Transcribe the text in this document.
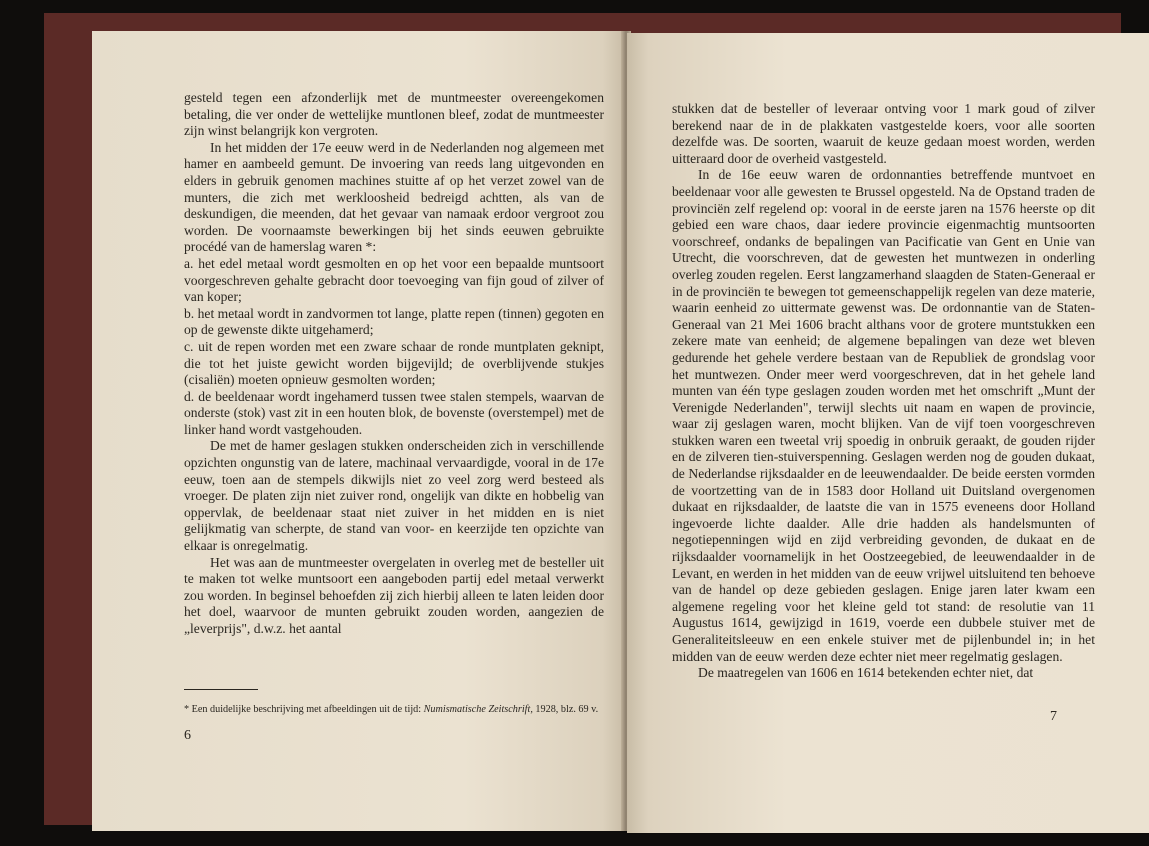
gesteld tegen een afzonderlijk met de muntmeester overeengekomen betaling, die ver onder de wettelijke muntlonen bleef, zodat de muntmeester zijn winst belangrijk kon vergroten.

In het midden der 17e eeuw werd in de Nederlanden nog algemeen met hamer en aambeeld gemunt. De invoering van reeds lang uitgevonden en elders in gebruik genomen machines stuitte af op het verzet zowel van de munters, die zich met werkloosheid bedreigd achtten, als van de deskundigen, die meenden, dat het gevaar van namaak erdoor vergroot zou worden. De voornaamste bewerkingen bij het sinds eeuwen gebruikte procédé van de hamerslag waren *:

a. het edel metaal wordt gesmolten en op het voor een bepaalde muntsoort voorgeschreven gehalte gebracht door toevoeging van fijn goud of zilver of van koper;

b. het metaal wordt in zandvormen tot lange, platte repen (tinnen) gegoten en op de gewenste dikte uitgehamerd;

c. uit de repen worden met een zware schaar de ronde muntplaten geknipt, die tot het juiste gewicht worden bijgevijld; de overblijvende stukjes (cisaliën) moeten opnieuw gesmolten worden;

d. de beeldenaar wordt ingehamerd tussen twee stalen stempels, waarvan de onderste (stok) vast zit in een houten blok, de bovenste (overstempel) met de linker hand wordt vastgehouden.

De met de hamer geslagen stukken onderscheiden zich in verschillende opzichten ongunstig van de latere, machinaal vervaardigde, vooral in de 17e eeuw, toen aan de stempels dikwijls niet zo veel zorg werd besteed als vroeger. De platen zijn niet zuiver rond, ongelijk van dikte en hobbelig van oppervlak, de beeldenaar staat niet zuiver in het midden en is niet gelijkmatig van scherpte, de stand van voor- en keerzijde ten opzichte van elkaar is onregelmatig.

Het was aan de muntmeester overgelaten in overleg met de besteller uit te maken tot welke muntsoort een aangeboden partij edel metaal verwerkt zou worden. In beginsel behoefden zij zich hierbij alleen te laten leiden door het doel, waarvoor de munten gebruikt zouden worden, aangezien de „leverprijs", d.w.z. het aantal

* Een duidelijke beschrijving met afbeeldingen uit de tijd: Numismatische Zeitschrift, 1928, blz. 69 v.
6

stukken dat de besteller of leveraar ontving voor 1 mark goud of zilver berekend naar de in de plakkaten vastgestelde koers, voor alle soorten dezelfde was. De soorten, waaruit de keuze gedaan moest worden, werden uitteraard door de overheid vastgesteld.

In de 16e eeuw waren de ordonnanties betreffende muntvoet en beeldenaar voor alle gewesten te Brussel opgesteld. Na de Opstand traden de provinciën zelf regelend op: vooral in de eerste jaren na 1576 heerste op dit gebied een ware chaos, daar iedere provincie eigenmachtig muntsoorten voorschreef, ondanks de bepalingen van Pacificatie van Gent en Unie van Utrecht, die voorschreven, dat de gewesten het muntwezen in onderling overleg zouden regelen. Eerst langzamerhand slaagden de Staten-Generaal er in de provinciën te bewegen tot gemeenschappelijk regelen van deze materie, waarin eenheid zo uittermate gewenst was. De ordonnantie van de Staten-Generaal van 21 Mei 1606 bracht althans voor de grotere muntstukken een zekere mate van eenheid; de algemene bepalingen van deze wet bleven gedurende het gehele verdere bestaan van de Republiek de grondslag voor het muntwezen. Onder meer werd voorgeschreven, dat in het gehele land munten van één type geslagen zouden worden met het omschrift „Munt der Verenigde Nederlanden", terwijl slechts uit naam en wapen de provincie, waar zij geslagen waren, mocht blijken. Van de vijf toen voorgeschreven stukken waren een tweetal vrij spoedig in onbruik geraakt, de gouden rijder en de zilveren tien-stuiverspenning. Geslagen werden nog de gouden dukaat, de Nederlandse rijksdaalder en de leeuwendaalder. De beide eersten vormden de voortzetting van de in 1583 door Holland uit Duitsland overgenomen dukaat en rijksdaalder, de laatste die van in 1575 eveneens door Holland ingevoerde lichte daalder. Alle drie hadden als handelsmunten of negotiepenningen wijd en zijd verbreiding gevonden, de dukaat en de rijksdaalder voornamelijk in het Oostzeegebied, de leeuwendaalder in de Levant, en werden in het midden van de eeuw vrijwel uitsluitend ten behoeve van de handel op deze gebieden geslagen. Enige jaren later kwam een algemene regeling voor het kleine geld tot stand: de resolutie van 11 Augustus 1614, gewijzigd in 1619, voerde een dubbele stuiver met de Generaliteitsleeuw en een enkele stuiver met de pijlenbundel in; in het midden van de eeuw werden deze echter niet meer regelmatig geslagen.

De maatregelen van 1606 en 1614 betekenden echter niet, dat

7
